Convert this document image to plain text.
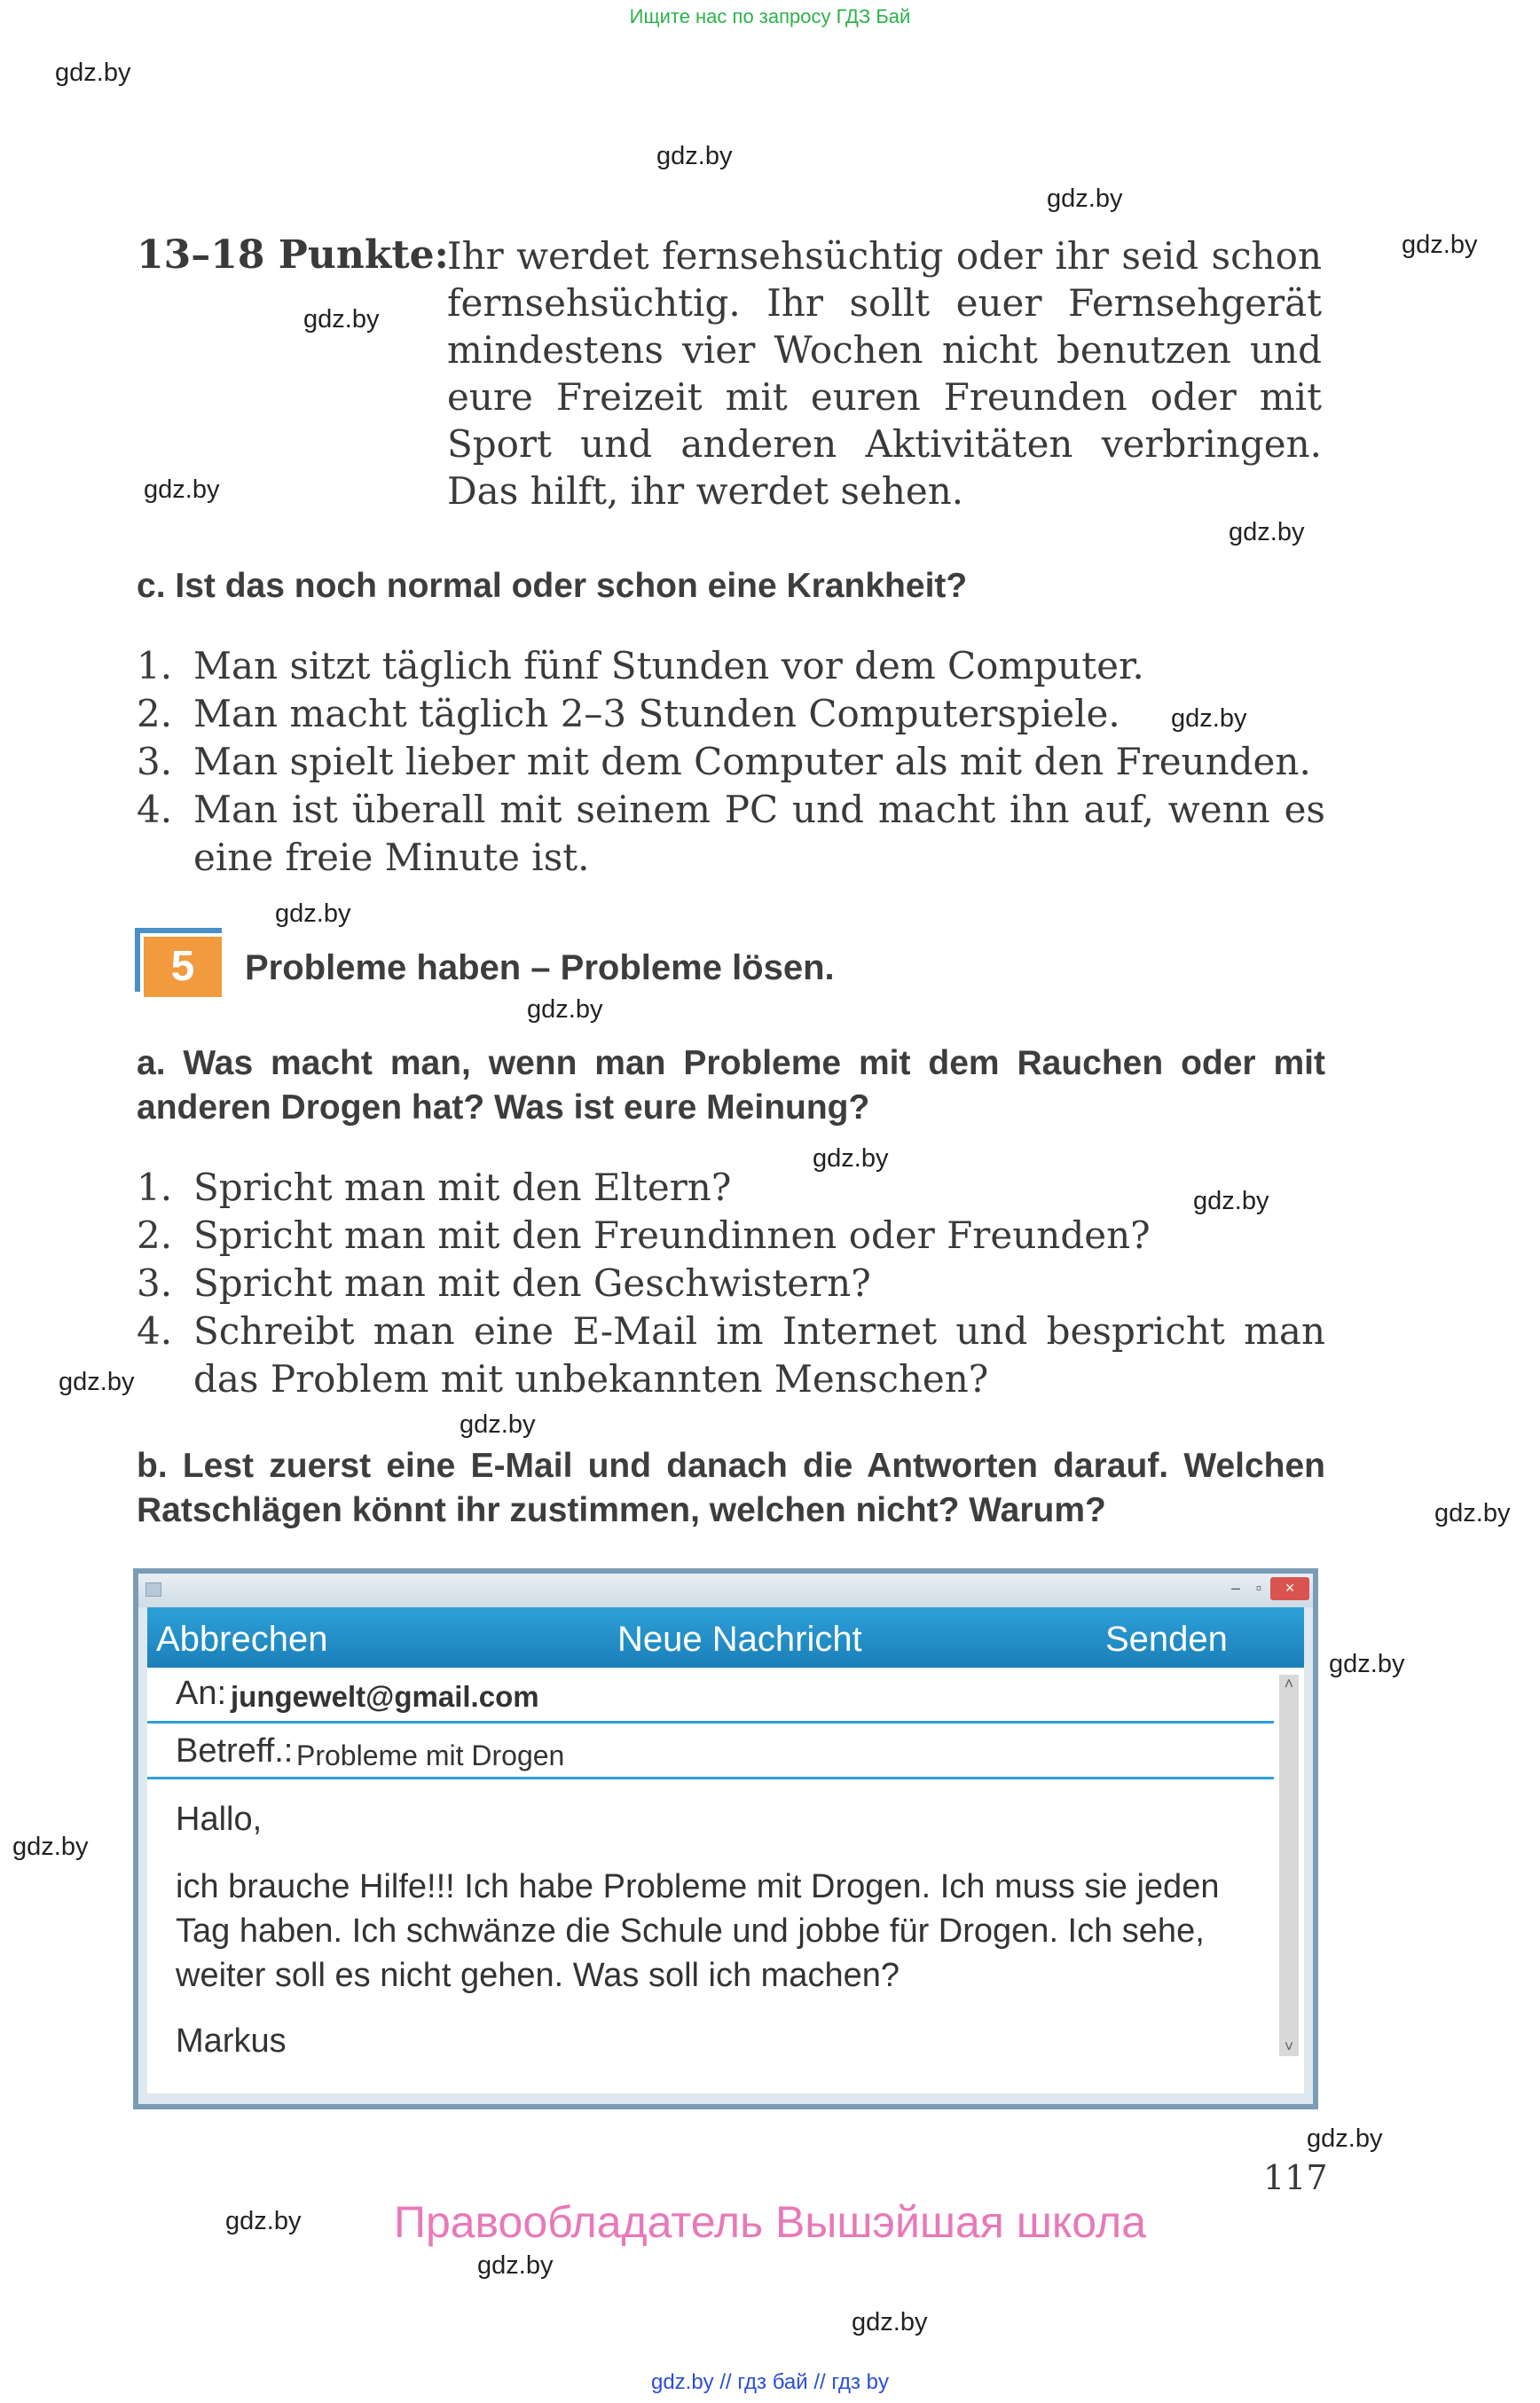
Ищите нас по запросу ГДЗ Бай
gdz.by
gdz.by
gdz.by
gdz.by
gdz.by
gdz.by
gdz.by
gdz.by
gdz.by
gdz.by
gdz.by
gdz.by
gdz.by
gdz.by
gdz.by
gdz.by
gdz.by
gdz.by
gdz.by
gdz.by
gdz.by
13–18 Punkte:
Ihr werdet fernsehsüchtig oder ihr seid schon fernsehsüchtig. Ihr sollt euer Fernsehgerät mindestens vier Wochen nicht benutzen und eure Freizeit mit euren Freunden oder mit Sport und anderen Aktivitäten verbringen. Das hilft, ihr werdet sehen.
c. Ist das noch normal oder schon eine Krankheit?
1. Man sitzt täglich fünf Stunden vor dem Computer.
2. Man macht täglich 2–3 Stunden Computerspiele.
3. Man spielt lieber mit dem Computer als mit den Freunden.
4. Man ist überall mit seinem PC und macht ihn auf, wenn es eine freie Minute ist.
5	Probleme haben – Probleme lösen.
a. Was macht man, wenn man Probleme mit dem Rauchen oder mit anderen Drogen hat? Was ist eure Meinung?
1. Spricht man mit den Eltern?
2. Spricht man mit den Freundinnen oder Freunden?
3. Spricht man mit den Geschwistern?
4. Schreibt man eine E-Mail im Internet und bespricht man das Problem mit unbekannten Menschen?
b. Lest zuerst eine E-Mail und danach die Antworten darauf. Welchen Ratschlägen könnt ihr zustimmen, welchen nicht? Warum?
– ▫	×
Abbrechen	Neue Nachricht	Senden
An: jungewelt@gmail.com
Betreff.: Probleme mit Drogen
˄
˅
Hallo,
ich brauche Hilfe!!! Ich habe Probleme mit Drogen. Ich muss sie jeden Tag haben. Ich schwänze die Schule und jobbe für Drogen. Ich sehe, weiter soll es nicht gehen. Was soll ich machen?
Markus
117
Правообладатель Вышэйшая школа
gdz.by // гдз бай // гдз by
